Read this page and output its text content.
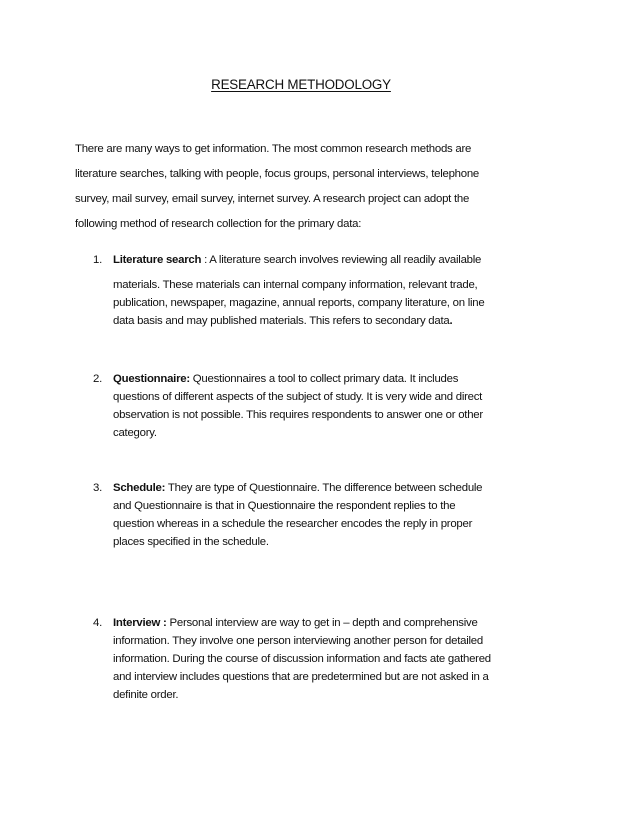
RESEARCH METHODOLOGY
There are many ways to get information. The most common research methods are
literature searches, talking with people, focus groups, personal interviews, telephone
survey, mail survey, email survey, internet survey. A research project can adopt the
following method of research collection for the primary data:
1. Literature search : A literature search involves reviewing all readily available
materials. These materials can internal company information, relevant trade,
publication, newspaper, magazine, annual reports, company literature, on line
data basis and may published materials. This refers to secondary data.
2. Questionnaire: Questionnaires a tool to collect primary data. It includes
questions of different aspects of the subject of study. It is very wide and direct
observation is not possible. This requires respondents to answer one or other
category.
3. Schedule: They are type of Questionnaire. The difference between schedule
and Questionnaire is that in Questionnaire the respondent replies to the
question whereas in a schedule the researcher encodes the reply in proper
places specified in the schedule.
4. Interview : Personal interview are way to get in – depth and comprehensive
information. They involve one person interviewing another person for detailed
information. During the course of discussion information and facts ate gathered
and interview includes questions that are predetermined but are not asked in a
definite order.
